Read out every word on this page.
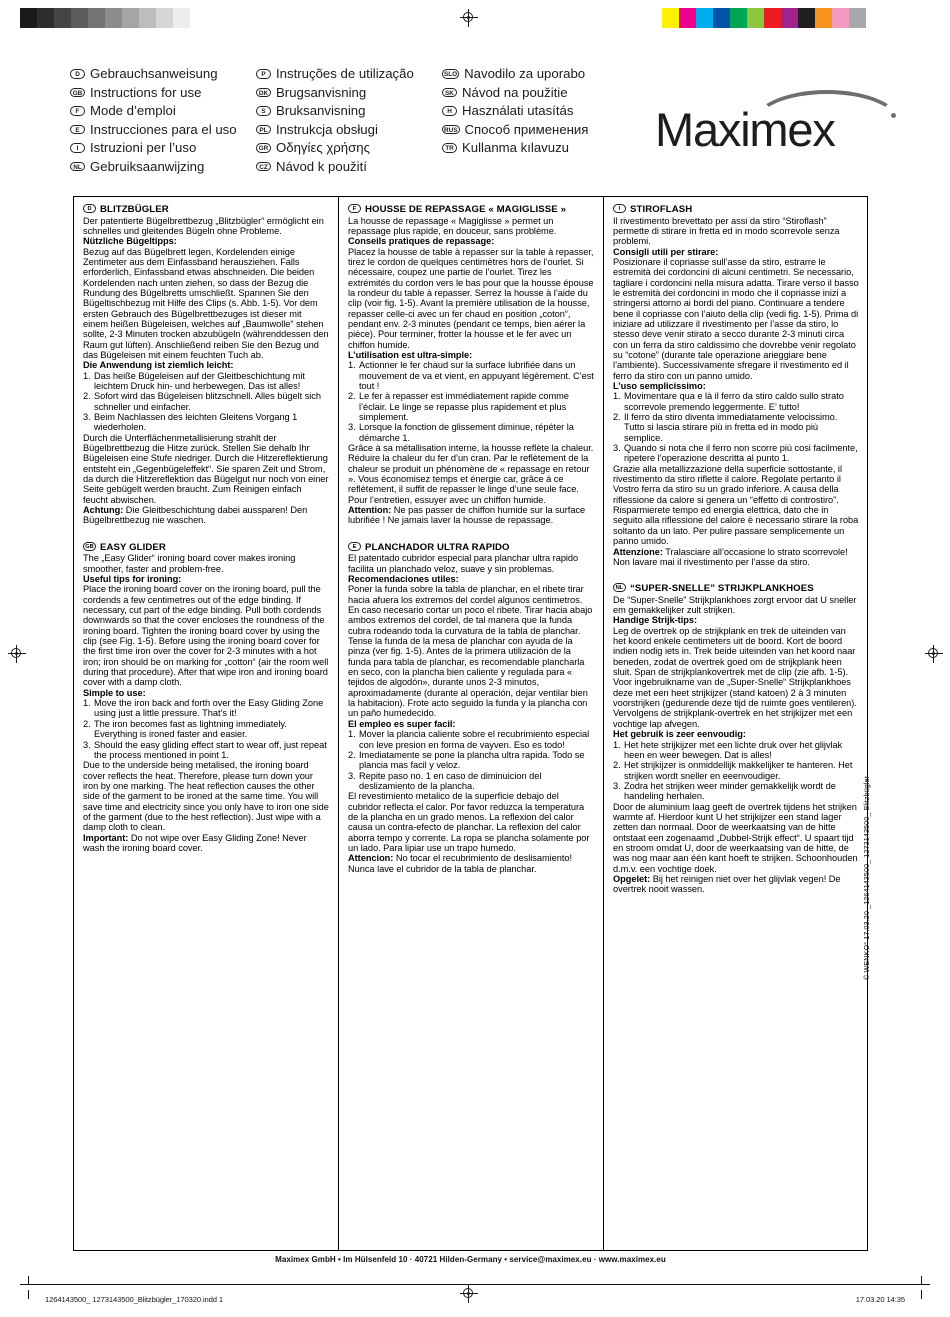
D Gebrauchsanweisung
GB Instructions for use
F Mode d’emploi
E Instrucciones para el uso
I Istruzioni per l’uso
NL Gebruiksaanwijzing
P Instruções de utilização
DK Brugsanvisning
S Bruksanvisning
PL Instrukcja obsługi
GR Οδηγίες χρήσης
CZ Návod k použití
SLO Navodilo za uporabo
SK Návod na použitie
H Használati utasítás
RUS Способ применения
TR Kullanma kılavuzu Maximex
D BLITZBÜGLER

Der patentierte Bügelbrettbezug „Blitzbügler“ ermöglicht ein schnelles und gleitendes Bügeln ohne Probleme.

Nützliche Bügeltipps:

Bezug auf das Bügelbrett legen, Kordelenden einige Zentimeter aus dem Einfassband herausziehen. Falls erforderlich, Einfassband etwas abschneiden. Die beiden Kordelenden nach unten ziehen, so dass der Bezug die Rundung des Bügelbretts umschließt. Spannen Sie den Bügeltischbezug mit Hilfe des Clips (s. Abb. 1-5). Vor dem ersten Gebrauch des Bügelbrettbezuges ist dieser mit einem heißen Bügeleisen, welches auf „Baumwolle“ stehen sollte, 2-3 Minuten trocken abzubügeln (währenddessen den Raum gut lüften). Anschließend reiben Sie den Bezug und das Bügeleisen mit einem feuchten Tuch ab.

Die Anwendung ist ziemlich leicht:

1. Das heiße Bügeleisen auf der Gleitbeschichtung mit leichtem Druck hin- und herbewegen. Das ist alles!
2. Sofort wird das Bügeleisen blitzschnell. Alles bügelt sich schneller und einfacher.
3. Beim Nachlassen des leichten Gleitens Vorgang 1 wiederholen.

Durch die Unterflächenmetallisierung strahlt der Bügelbrettbezug die Hitze zurück. Stellen Sie dehalb Ihr Bügeleisen eine Stufe niedriger. Durch die Hitzereflektierung entsteht ein „Gegenbügeleffekt“. Sie sparen Zeit und Strom, da durch die Hitzereflektion das Bügelgut nur noch von einer Seite gebügelt werden braucht. Zum Reinigen einfach feucht abwischen.

Achtung: Die Gleitbeschichtung dabei aussparen! Den Bügelbrettbezug nie waschen.

GB EASY GLIDER

The „Easy Glider“ ironing board cover makes ironing smoother, faster and problem-free.

Useful tips for ironing:

Place the ironing board cover on the ironing board, pull the cordends a few centimetres out of the edge binding. If necessary, cut part of the edge binding. Pull both cordends downwards so that the cover encloses the roundness of the ironing board. Tighten the ironing board cover by using the clip (see Fig. 1-5). Before using the ironing board cover for the first time iron over the cover for 2-3 minutes with a hot iron; iron should be on marking for „cotton“ (air the room well during that procedure). After that wipe iron and ironing board cover with a damp cloth.

Simple to use:

1. Move the iron back and forth over the Easy Gliding Zone using just a little pressure. That’s it!
2. The iron becomes fast as lightning immediately. Everything is ironed faster and easier.
3. Should the easy gliding effect start to wear off, just repeat the process mentioned in point 1.

Due to the underside being metalised, the ironing board cover reflects the heat. Therefore, please turn down your iron by one marking. The heat reflection causes the other side of the garment to be ironed at the same time. You will save time and electricity since you only have to iron one side of the garment (due to the hest reflection). Just wipe with a damp cloth to clean.

Important: Do not wipe over Easy Gliding Zone! Never wash the ironing board cover.

F HOUSSE DE REPASSAGE « MAGIGLISSE »

La housse de repassage « Magiglisse » permet un repassage plus rapide, en douceur, sans problème.

Conseils pratiques de repassage:

Placez la housse de table à repasser sur la table à repasser, tirez le cordon de quelques centimètres hors de l’ourlet. Si nécessaire, coupez une partie de l’ourlet. Tirez les extrémités du cordon vers le bas pour que la housse épouse la rondeur du table à repasser. Serrez la housse à l’aide du clip (voir fig. 1-5). Avant la première utilisation de la housse, repasser celle-ci avec un fer chaud en position „coton“, pendant env. 2-3 minutes (pendant ce temps, bien aérer la pièce). Pour terminer, frotter la housse et le fer avec un chiffon humide.

L’utilisation est ultra-simple:

1. Actionner le fer chaud sur la surface lubrifiée dans un mouvement de va et vient, en appuyant légèrement. C’est tout !
2. Le fer à repasser est immédiatement rapide comme l’éclair. Le linge se repasse plus rapidement et plus simplement.
3. Lorsque la fonction de glissement diminue, répéter la démarche 1.

Grâce à sa métallisation interne, la housse reflète la chaleur. Réduire la chaleur du fer d’un cran. Par le reflètement de la chaleur se produit un phénomène de « repassage en retour ». Vous économisez temps et énergie car, grâce á ce reflètement, il suffit de repasser le linge d’une seule face. Pour l’entretien, essuyer avec un chiffon humide.

Attention: Ne pas passer de chiffon humide sur la surface lubrifiée ! Ne jamais laver la housse de repassage.

E PLANCHADOR ULTRA RAPIDO

El patentado cubridor especial para planchar ultra rapido facilita un planchado veloz, suave y sin problemas.

Recomendaciones utiles:

Poner la funda sobre la tabla de planchar, en el ribete tirar hacia afuera los extremos del cordel algunos centimetros. En caso necesario cortar un poco el ribete. Tirar hacia abajo ambos extremos del cordel, de tal manera que la funda cubra rodeando toda la curvatura de la tabla de planchar. Tense la funda de la mesa de planchar con ayuda de la pinza (ver fig. 1-5). Antes de la primera utilización de la funda para tabla de planchar, es recomendable plancharla en seco, con la plancha bien caliente y regulada para « tejidos de algodón», durante unos 2-3 minutos, aproximadamente (durante al operación, dejar ventilar bien la habitacion). Frote acto seguido la funda y la plancha con un paño humedecido.

El empleo es super facil:

1. Mover la plancia caliente sobre el recubrimiento especial con leve presion en forma de vayven. Eso es todo!
2. Imediatamente se pone la plancha ultra rapida. Todo se plancia mas facil y veloz.
3. Repite paso no. 1 en caso de diminuicion del deslizamiento de la plancha.

El revestimiento metalico de la superficie debajo del cubridor reflecta el calor. Por favor reduzca la temperatura de la plancha en un grado menos. La reflexion del calor causa un contra-efecto de planchar. La reflexion del calor aborra tempo y corrente. La ropa se plancha solamente por un lado. Para lipiar use un trapo humedo.

Attencion: No tocar el recubrimiento de deslisamiento! Nunca lave el cubridor de la tabla de planchar.

I	STIROFLASH

Il rivestimento brevettato per assi da stiro “Stiroflash” permette di stirare in fretta ed in modo scorrevole senza problemi.

Consigli utili per stirare:

Posizionare il copriasse sull’asse da stiro, estrarre le estremità dei cordoncini di alcuni centimetri. Se necessario, tagliare i cordoncini nella misura adatta. Tirare verso il basso le estremità dei cordoncini in modo che il copriasse inizi a stringersi attorno ai bordi del piano. Continuare a tendere bene il copriasse con l’aiuto della clip (vedi fig. 1-5). Prima di iniziare ad utilizzare il rivestimento per l’asse da stiro, lo stesso deve venir stirato a secco durante 2-3 minuti circa con un ferra da stiro caldissimo che dovrebbe venir regolato su “cotone” (durante tale operazione arieggiare bene l’ambiente). Successivamente sfregare il rivestimento ed il ferro da stiro con un panno umido.

L’uso semplicissimo:

1. Movimentare qua e là il ferro da stiro caldo sullo strato scorrevole premendo leggermente. E’ tutto!
2. Il ferro da stiro diventa immediatamente velocissimo. Tutto si lascia stirare più in fretta ed in modo più semplice.
3. Quando si nota che il ferro non scorre più cosi facilmente, ripetere l’operazione descritta al punto 1.

Grazie alla metallizzazione della superficie sottostante, il rivestimento da stiro riflette il calore. Regolate pertanto il Vostro ferra da stiro su un grado inferiore. A causa della riflessione da calore si genera un “effetto di controstiro”. Risparmierete tempo ed energia elettrica, dato che in seguito alla riflessione del calore è necessario stirare la roba soltanto da un lato. Per pulire passare semplicemente un panno umido.

Attenzione: Tralasciare all’occasione lo strato scorrevole! Non lavare mai il rivestimento per l’asse da stiro.

NL “SUPER-SNELLE” STRIJKPLANKHOES

De “Super-Snelle” Strijkplankhoes zorgt ervoor dat U sneller em gemakkelijker zult strijken.

Handige Strijk-tips:

Leg de overtrek op de strijkplank en trek de uiteinden van het koord enkele centimeters uit de boord. Kort de boord indien nodig iets in. Trek beide uiteinden van het koord naar beneden, zodat de overtrek goed om de strijkplank heen sluit. Span de strijkplankovertrek met de clip (zie afb. 1-5). Voor ingebruikname van de „Super-Snelle“ Strijkplankhoes deze met een heet strijkijzer (stand katoen) 2 à 3 minuten voorstrijken (gedurende deze tijd de ruimte goes ventileren). Vervolgens de strijkplank-overtrek en het strijkijzer met een vochtige lap afvegen.

Het gebruik is zeer eenvoudig:

1. Het hete strijkijzer met een lichte druk over het glijvlak heen en weer bewegen. Dat is alles!
2. Het strijkijzer is onmiddellijk makkelijker te hanteren. Het strijken wordt sneller en eeenvoudiger.
3. Zodra het strijken weer minder gemakkelijk wordt de handeling herhalen.

Door de aluminium laag geeft de overtrek tijdens het strijken warmte af. Hierdoor kunt U het strijkijzer een stand lager zetten dan normaal. Door de weerkaatsing van de hitte ontstaat een zogenaamd „Dubbel-Strijk effect“. U spaart tijd en stroom omdat U, door de weerkaatsing van de hitte, de was nog maar aan één kant hoeft te strijken. Schoonhouden d.m.v. een vochtige doek.

Opgelet: Bij het reinigen niet over het glijvlak vegen! De overtrek nooit wassen.

Maximex GmbH • Im Hülsenfeld 10 · 40721 Hilden-Germany • service@maximex.eu · www.maximex.eu
© WENKO° 17.03.20 _1264143500_ 1273143500_ Blitzbügler
1264143500_ 1273143500_Blitzbügler_170320.indd 1	17.03.20 14:35
